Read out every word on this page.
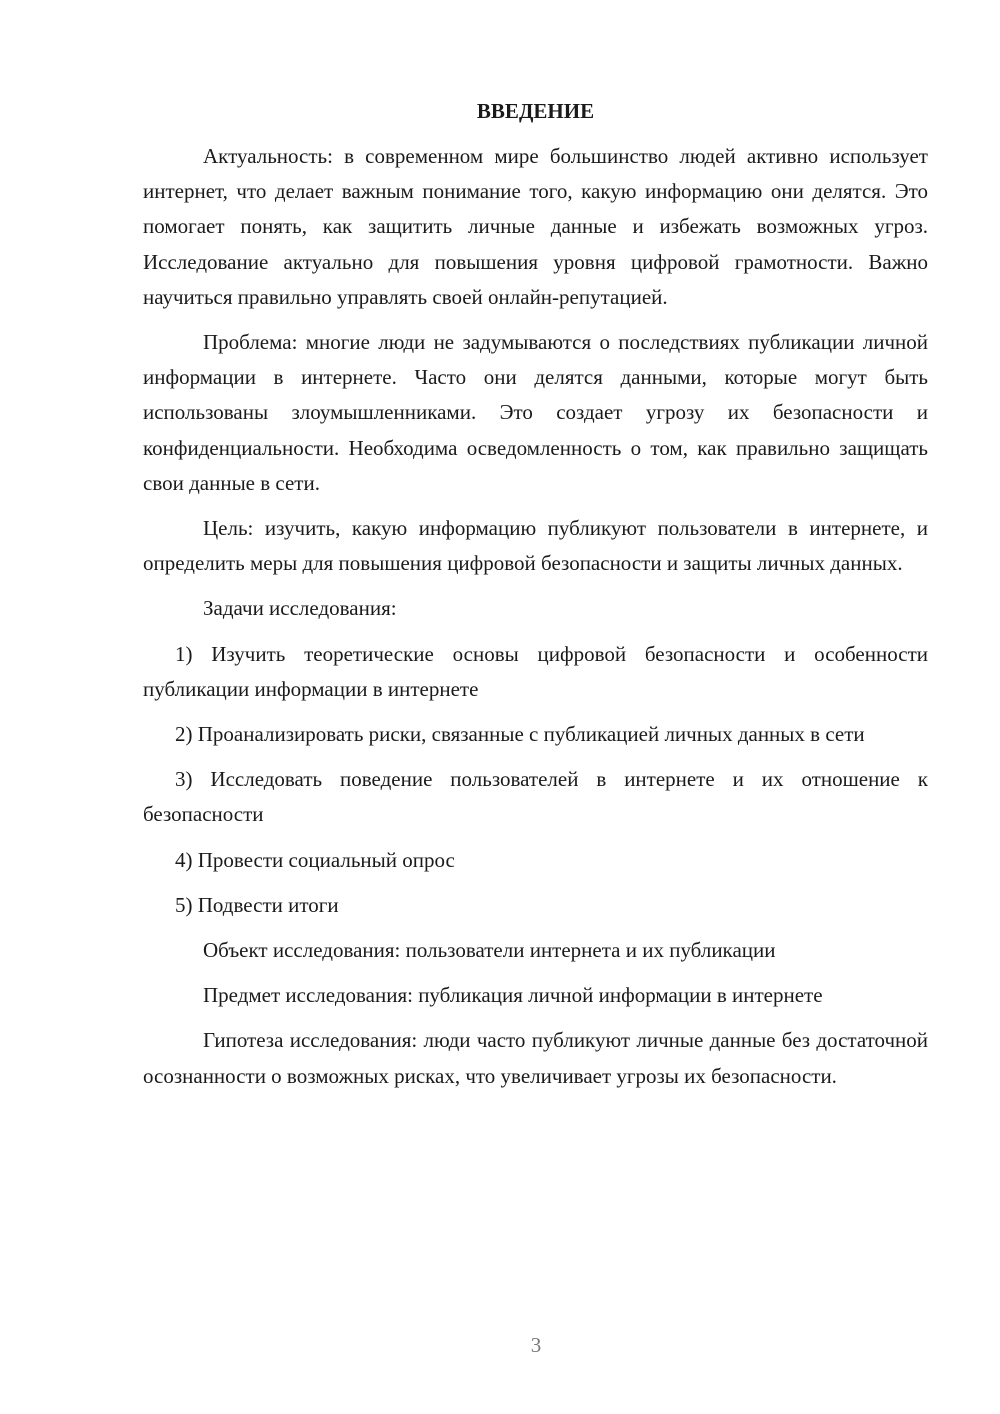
ВВЕДЕНИЕ

Актуальность: в современном мире большинство людей активно использует интернет, что делает важным понимание того, какую информацию они делятся. Это помогает понять, как защитить личные данные и избежать возможных угроз. Исследование актуально для повышения уровня цифровой грамотности. Важно научиться правильно управлять своей онлайн-репутацией.

Проблема: многие люди не задумываются о последствиях публикации личной информации в интернете. Часто они делятся данными, которые могут быть использованы злоумышленниками. Это создает угрозу их безопасности и конфиденциальности. Необходима осведомленность о том, как правильно защищать свои данные в сети.

Цель: изучить, какую информацию публикуют пользователи в интернете, и определить меры для повышения цифровой безопасности и защиты личных данных.

Задачи исследования:

1) Изучить теоретические основы цифровой безопасности и особенности публикации информации в интернете

2) Проанализировать риски, связанные с публикацией личных данных в сети

3) Исследовать поведение пользователей в интернете и их отношение к безопасности

4) Провести социальный опрос

5) Подвести итоги

Объект исследования: пользователи интернета и их публикации

Предмет исследования: публикация личной информации в интернете

Гипотеза исследования: люди часто публикуют личные данные без достаточной осознанности о возможных рисках, что увеличивает угрозы их безопасности.

3
